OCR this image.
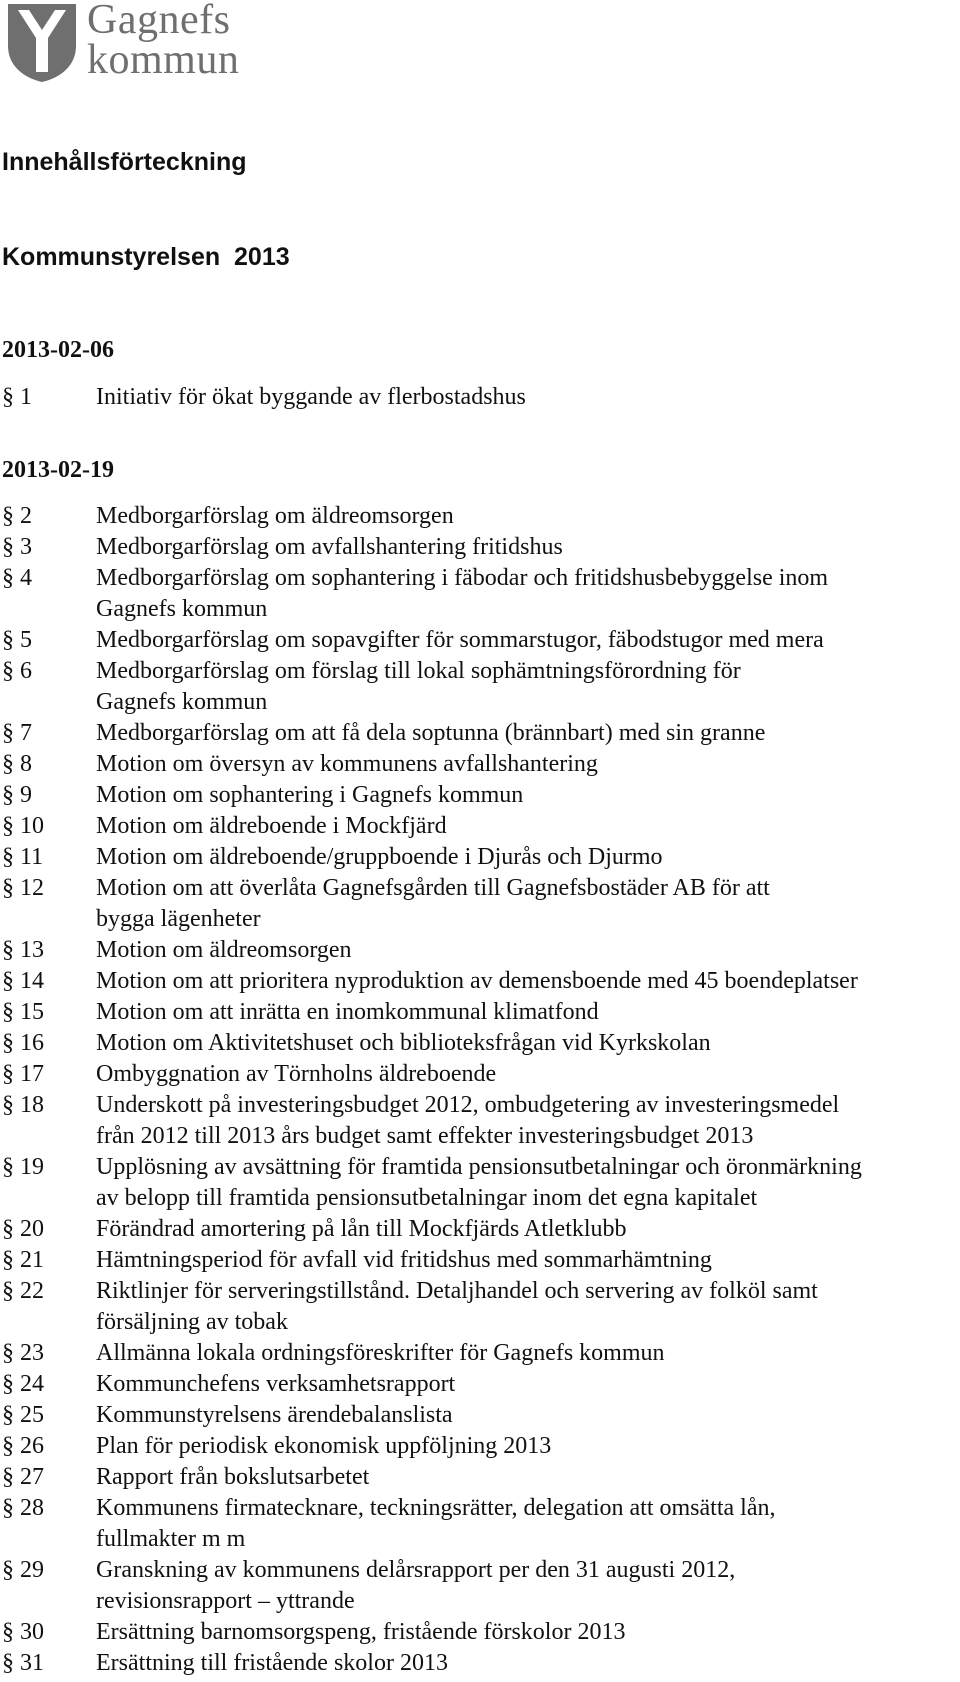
Gagnefs
kommun
Innehållsförteckning
Kommunstyrelsen  2013
2013-02-06
§ 1	Initiativ för ökat byggande av flerbostadshus
2013-02-19
§ 2	Medborgarförslag om äldreomsorgen
§ 3	Medborgarförslag om avfallshantering fritidshus
§ 4	Medborgarförslag om sophantering i fäbodar och fritidshusbebyggelse inom
Gagnefs kommun
§ 5	Medborgarförslag om sopavgifter för sommarstugor, fäbodstugor med mera
§ 6	Medborgarförslag om förslag till lokal sophämtningsförordning för
Gagnefs kommun
§ 7	Medborgarförslag om att få dela soptunna (brännbart) med sin granne
§ 8	Motion om översyn av kommunens avfallshantering
§ 9	Motion om sophantering i Gagnefs kommun
§ 10	Motion om äldreboende i Mockfjärd
§ 11	Motion om äldreboende/gruppboende i Djurås och Djurmo
§ 12	Motion om att överlåta Gagnefsgården till Gagnefsbostäder AB för att
bygga lägenheter
§ 13	Motion om äldreomsorgen
§ 14	Motion om att prioritera nyproduktion av demensboende med 45 boendeplatser
§ 15	Motion om att inrätta en inomkommunal klimatfond
§ 16	Motion om Aktivitetshuset och biblioteksfrågan vid Kyrkskolan
§ 17	Ombyggnation av Törnholns äldreboende
§ 18	Underskott på investeringsbudget 2012, ombudgetering av investeringsmedel
från 2012 till 2013 års budget samt effekter investeringsbudget 2013
§ 19	Upplösning av avsättning för framtida pensionsutbetalningar och öronmärkning
av belopp till framtida pensionsutbetalningar inom det egna kapitalet
§ 20	Förändrad amortering på lån till Mockfjärds Atletklubb
§ 21	Hämtningsperiod för avfall vid fritidshus med sommarhämtning
§ 22	Riktlinjer för serveringstillstånd. Detaljhandel och servering av folköl samt
försäljning av tobak
§ 23	Allmänna lokala ordningsföreskrifter för Gagnefs kommun
§ 24	Kommunchefens verksamhetsrapport
§ 25	Kommunstyrelsens ärendebalanslista
§ 26	Plan för periodisk ekonomisk uppföljning 2013
§ 27	Rapport från bokslutsarbetet
§ 28	Kommunens firmatecknare, teckningsrätter, delegation att omsätta lån,
fullmakter m m
§ 29	Granskning av kommunens delårsrapport per den 31 augusti 2012,
revisionsrapport – yttrande
§ 30	Ersättning barnomsorgspeng, fristående förskolor 2013
§ 31	Ersättning till fristående skolor 2013
